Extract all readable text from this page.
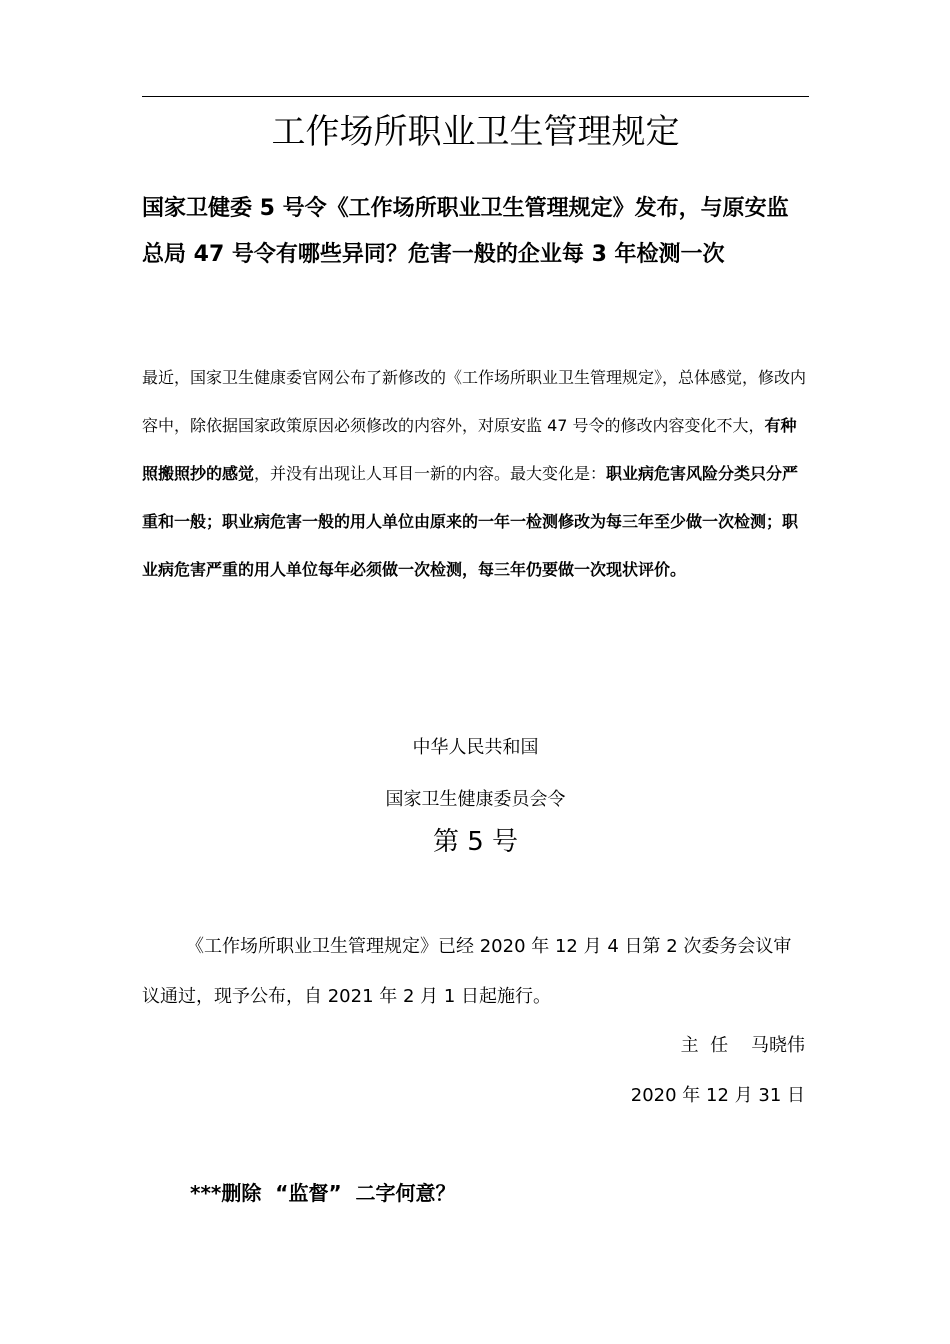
工作场所职业卫生管理规定

国家卫健委 5 号令《工作场所职业卫生管理规定》发布，与原安监总局 47 号令有哪些异同？危害一般的企业每 3 年检测一次

最近，国家卫生健康委官网公布了新修改的《工作场所职业卫生管理规定》，总体感觉，修改内容中，除依据国家政策原因必须修改的内容外，对原安监 47 号令的修改内容变化不大，有种照搬照抄的感觉，并没有出现让人耳目一新的内容。最大变化是：职业病危害风险分类只分严重和一般；职业病危害一般的用人单位由原来的一年一检测修改为每三年至少做一次检测；职业病危害严重的用人单位每年必须做一次检测，每三年仍要做一次现状评价。

中华人民共和国

国家卫生健康委员会令

第 5 号

《工作场所职业卫生管理规定》已经 2020 年 12 月 4 日第 2 次委务会议审议通过，现予公布，自 2021 年 2 月 1 日起施行。

主  任    马晓伟

2020 年 12 月 31 日

***删除  “监督”  二字何意？
